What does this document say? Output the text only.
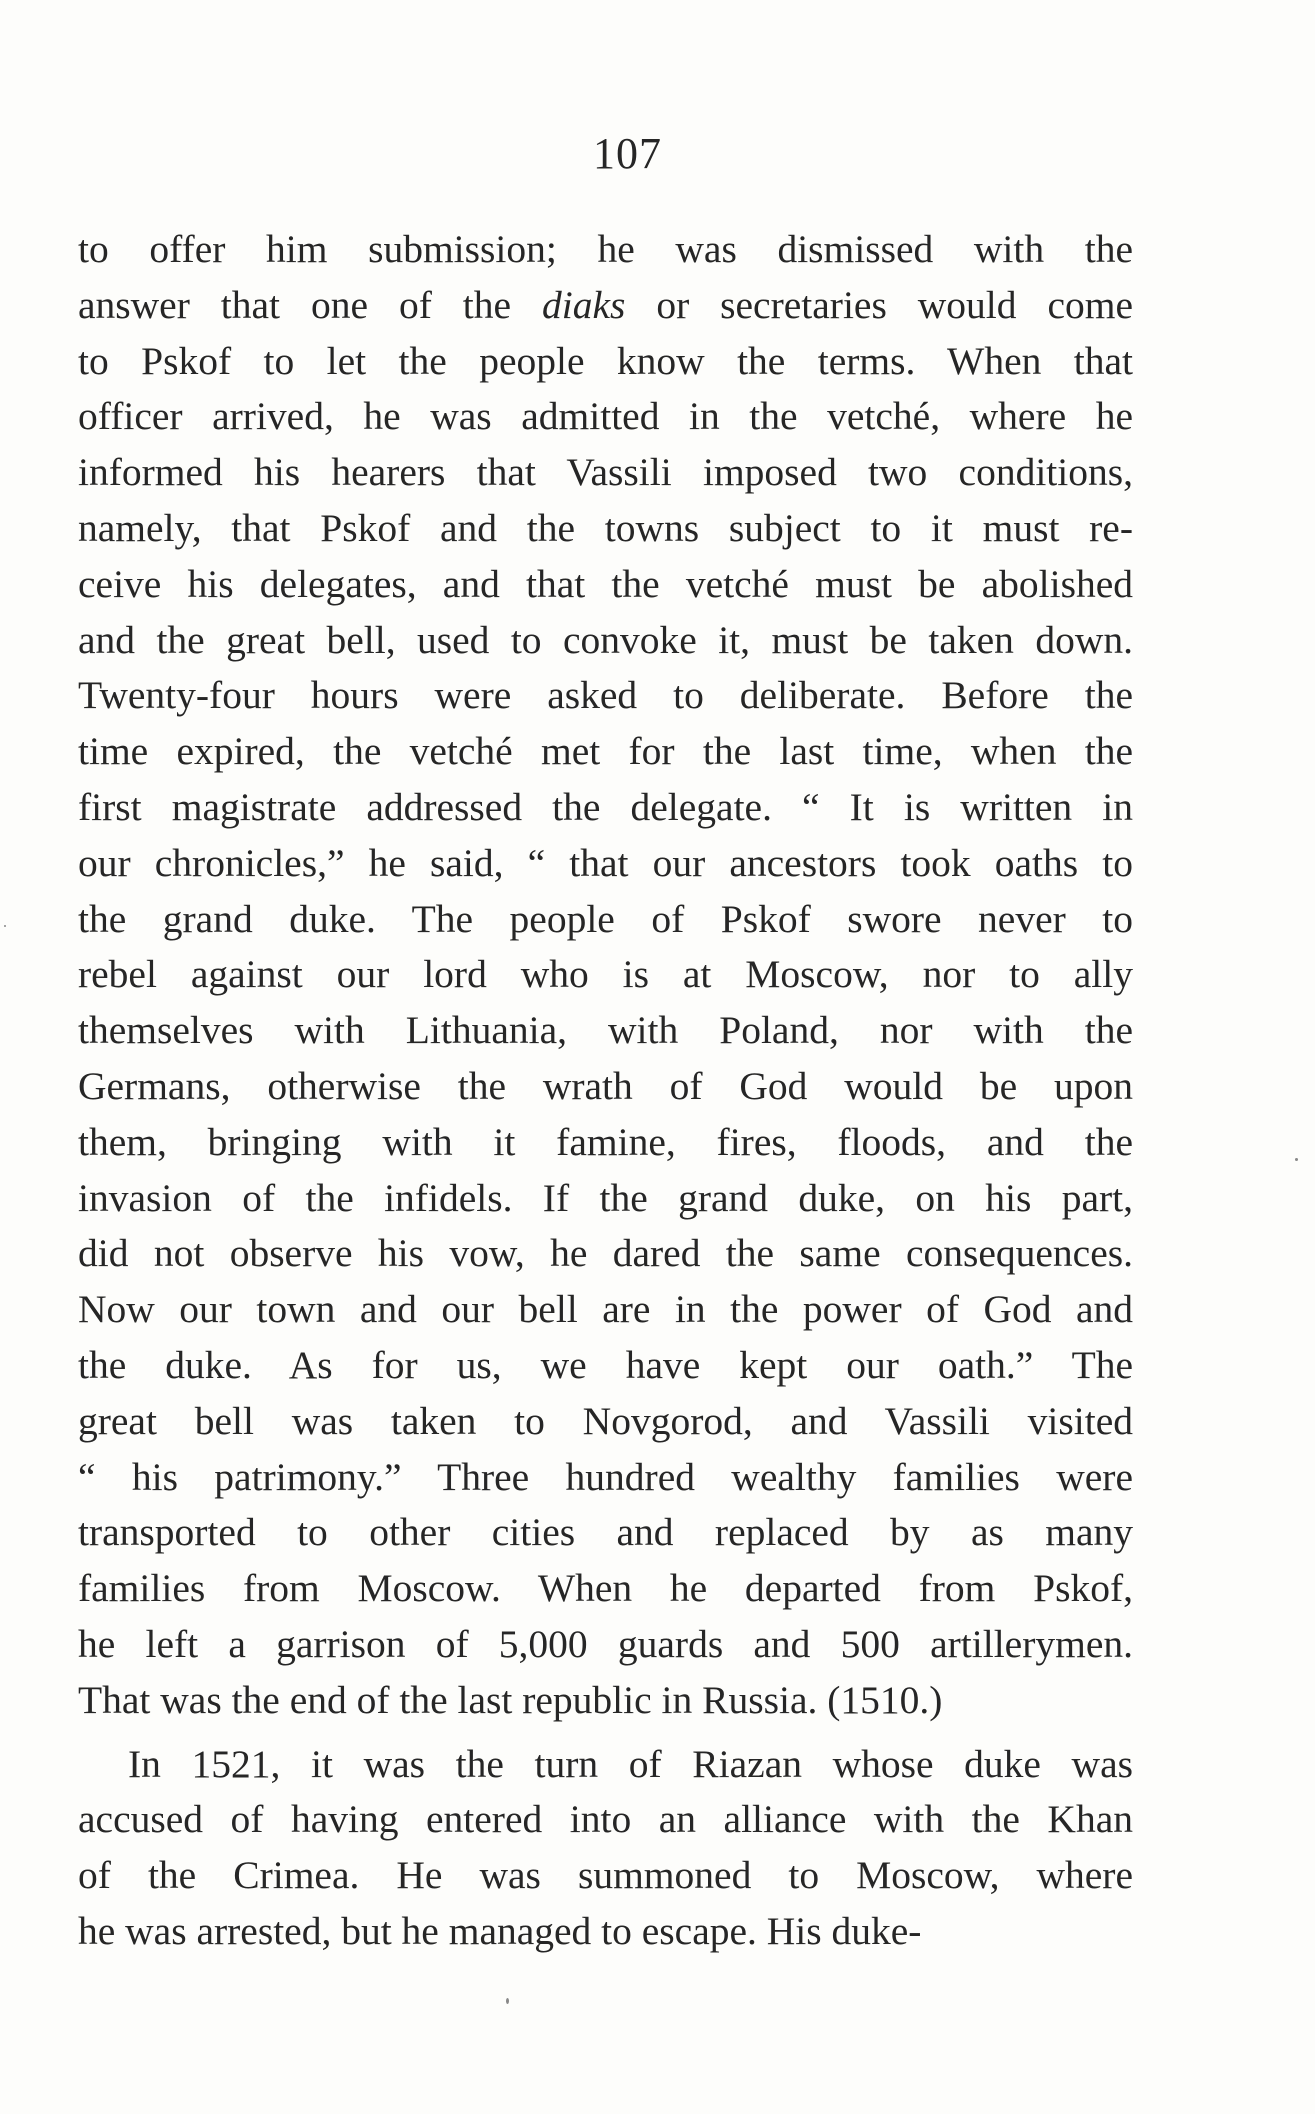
107
to offer him submission; he was dismissed with the
answer that one of the diaks or secretaries would come
to Pskof to let the people know the terms. When that
officer arrived, he was admitted in the vetché, where he
informed his hearers that Vassili imposed two conditions,
namely, that Pskof and the towns subject to it must re-
ceive his delegates, and that the vetché must be abolished
and the great bell, used to convoke it, must be taken down.
Twenty-four hours were asked to deliberate. Before the
time expired, the vetché met for the last time, when the
first magistrate addressed the delegate. “ It is written in
our chronicles,” he said, “ that our ancestors took oaths to
the grand duke. The people of Pskof swore never to
rebel against our lord who is at Moscow, nor to ally
themselves with Lithuania, with Poland, nor with the
Germans, otherwise the wrath of God would be upon
them, bringing with it famine, fires, floods, and the
invasion of the infidels. If the grand duke, on his part,
did not observe his vow, he dared the same consequences.
Now our town and our bell are in the power of God and
the duke. As for us, we have kept our oath.” The
great bell was taken to Novgorod, and Vassili visited
“ his patrimony.” Three hundred wealthy families were
transported to other cities and replaced by as many
families from Moscow. When he departed from Pskof,
he left a garrison of 5,000 guards and 500 artillerymen.
That was the end of the last republic in Russia. (1510.)
In 1521, it was the turn of Riazan whose duke was
accused of having entered into an alliance with the Khan
of the Crimea. He was summoned to Moscow, where
he was arrested, but he managed to escape. His duke-
